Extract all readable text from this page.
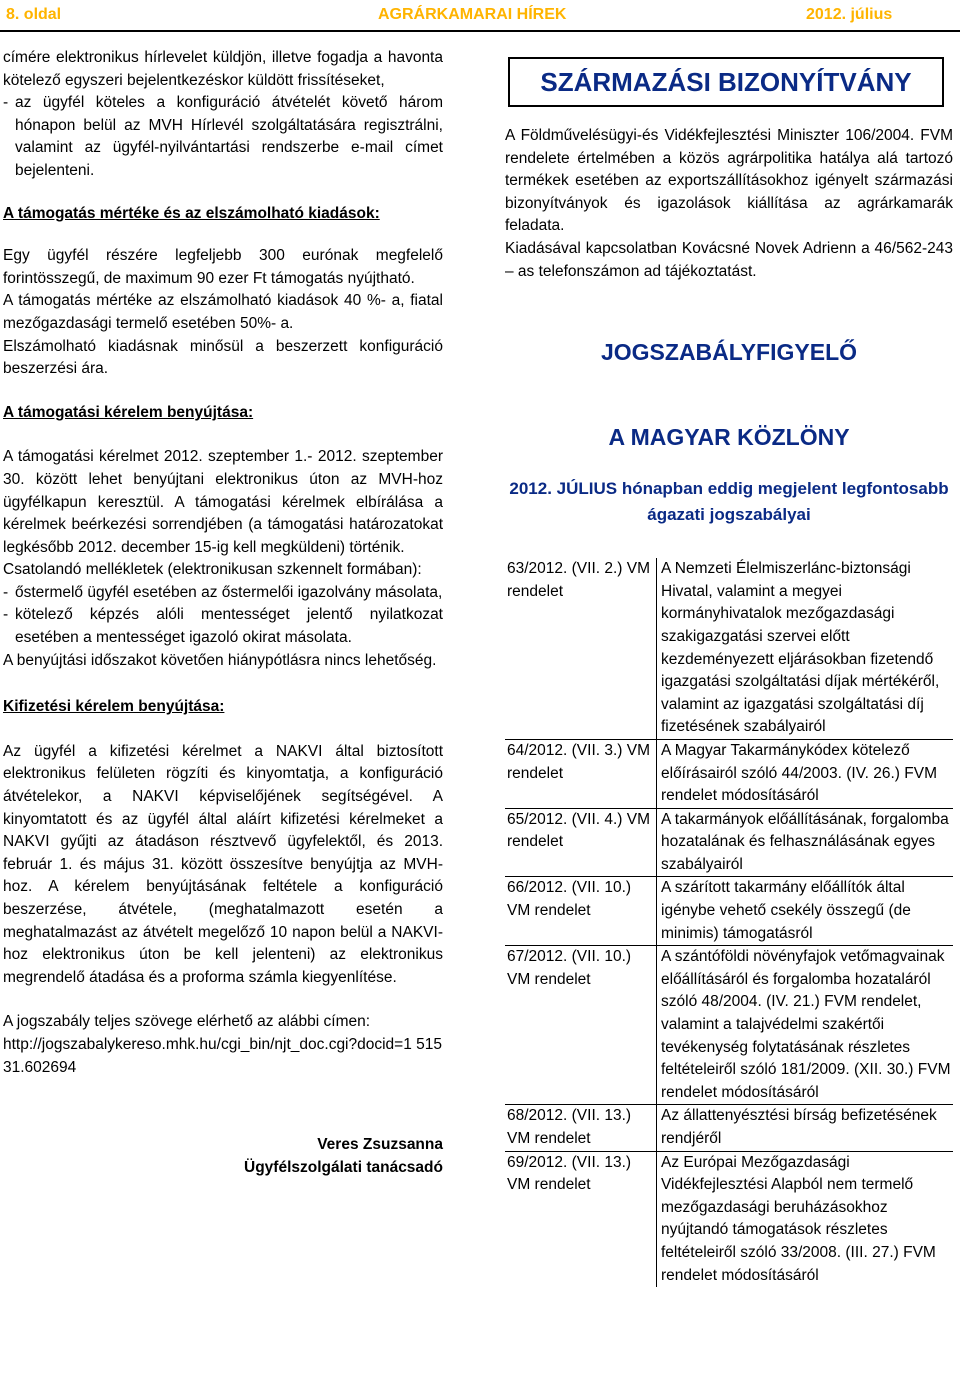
8. oldal	AGRÁRKAMARAI HÍREK	2012. július

címére elektronikus hírlevelet küldjön, illetve fogadja a havonta kötelező egyszeri bejelentkezéskor küldött frissítéseket,

- az ügyfél köteles a konfiguráció átvételét követő három hónapon belül az MVH Hírlevél szolgáltatására regisztrálni, valamint az ügyfél-nyilvántartási rendszerbe e-mail címet bejelenteni.

A támogatás mértéke és az elszámolható kiadások:

Egy ügyfél részére legfeljebb 300 eurónak megfelelő forintösszegű, de maximum 90 ezer Ft támogatás nyújtható.

A támogatás mértéke az elszámolható kiadások 40 %- a, fiatal mezőgazdasági termelő esetében 50%- a.

Elszámolható kiadásnak minősül a beszerzett konfiguráció beszerzési ára.

A támogatási kérelem benyújtása:

A támogatási kérelmet 2012. szeptember 1.- 2012. szeptember 30. között lehet benyújtani elektronikus úton az MVH-hoz ügyfélkapun keresztül. A támogatási kérelmek elbírálása a kérelmek beérkezési sorrendjében (a támogatási határozatokat legkésőbb 2012. december 15-ig kell megküldeni) történik.

Csatolandó mellékletek (elektronikusan szkennelt formában):

- őstermelő ügyfél esetében az őstermelői igazolvány másolata,
- kötelező képzés alóli mentességet jelentő nyilatkozat esetében a mentességet igazoló okirat másolata.

A benyújtási időszakot követően hiánypótlásra nincs lehetőség.

Kifizetési kérelem benyújtása:

Az ügyfél a kifizetési kérelmet a NAKVI által biztosított elektronikus felületen rögzíti és kinyomtatja, a konfiguráció átvételekor, a NAKVI képviselőjének segítségével. A kinyomtatott és az ügyfél által aláírt kifizetési kérelmeket a NAKVI gyűjti az átadáson résztvevő ügyfelektől, és 2013. február 1. és május 31. között összesítve benyújtja az MVH-hoz. A kérelem benyújtásának feltétele a konfiguráció beszerzése, átvétele, (meghatalmazott esetén a meghatalmazást az átvételt megelőző 10 napon belül a NAKVI-hoz elektronikus úton be kell jelenteni) az elektronikus megrendelő átadása és a proforma számla kiegyenlítése.

A jogszabály teljes szövege elérhető az alábbi címen:

http://jogszabalykereso.mhk.hu/cgi_bin/njt_doc.cgi?docid=1 51531.602694

Veres Zsuzsanna

Ügyfélszolgálati tanácsadó

SZÁRMAZÁSI BIZONYÍTVÁNY

A Földművelésügyi-és Vidékfejlesztési Miniszter 106/2004. FVM rendelete értelmében a közös agrárpolitika hatálya alá tartozó termékek esetében az exportszállításokhoz igényelt származási bizonyítványok és igazolások kiállítása az agrárkamarák feladata.

Kiadásával kapcsolatban Kovácsné Novek Adrienn a 46/562-243 – as telefonszámon ad tájékoztatást.

JOGSZABÁLYFIGYELŐ
A MAGYAR KÖZLÖNY
2012. JÚLIUS hónapban eddig megjelent legfontosabb ágazati jogszabályai
63/2012. (VII. 2.) VM rendelet
A Nemzeti Élelmiszerlánc-biztonsági Hivatal, valamint a megyei kormányhivatalok mezőgazdasági szakigazgatási szervei előtt kezdeményezett eljárásokban fizetendő igazgatási szolgáltatási díjak mértékéről, valamint az igazgatási szolgáltatási díj fizetésének szabályairól
64/2012. (VII. 3.) VM rendelet
A Magyar Takarmánykódex kötelező előírásairól szóló 44/2003. (IV. 26.) FVM rendelet módosításáról
65/2012. (VII. 4.) VM rendelet
A takarmányok előállításának, forgalomba hozatalának és felhasználásának egyes szabályairól
66/2012. (VII. 10.) VM rendelet
A szárított takarmány előállítók által igénybe vehető csekély összegű (de minimis) támogatásról
67/2012. (VII. 10.) VM rendelet
A szántóföldi növényfajok vetőmagvainak előállításáról és forgalomba hozataláról szóló 48/2004. (IV. 21.) FVM rendelet, valamint a talajvédelmi szakértői tevékenység folytatásának részletes feltételeiről szóló 181/2009. (XII. 30.) FVM rendelet módosításáról
68/2012. (VII. 13.) VM rendelet
Az állattenyésztési bírság befizetésének rendjéről
69/2012. (VII. 13.) VM rendelet
Az Európai Mezőgazdasági Vidékfejlesztési Alapból nem termelő mezőgazdasági beruházásokhoz nyújtandó támogatások részletes feltételeiről szóló 33/2008. (III. 27.) FVM rendelet módosításáról
